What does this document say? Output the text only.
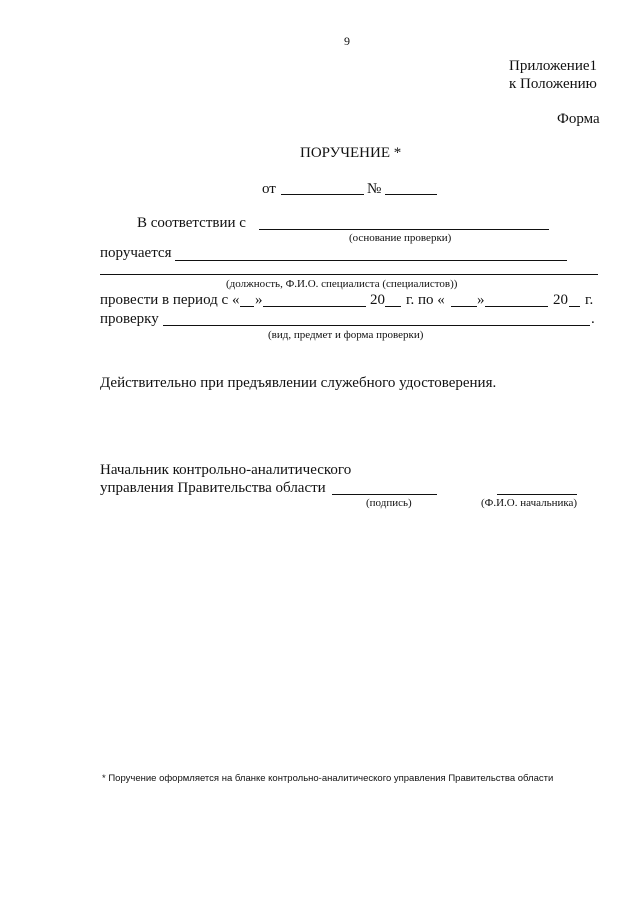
9
Приложение1
к Положению
Форма
ПОРУЧЕНИЕ *
от	№
В соответствии с
(основание проверки)
поручается
(должность, Ф.И.О. специалиста (специалистов))
провести в период с « »	20 г. по « »	20 г.
проверку	.
(вид, предмет и форма проверки)
Действительно при предъявлении служебного удостоверения.
Начальник контрольно-аналитического
управления Правительства области
(подпись)	(Ф.И.О. начальника)
* Поручение оформляется на бланке контрольно-аналитического управления Правительства области
